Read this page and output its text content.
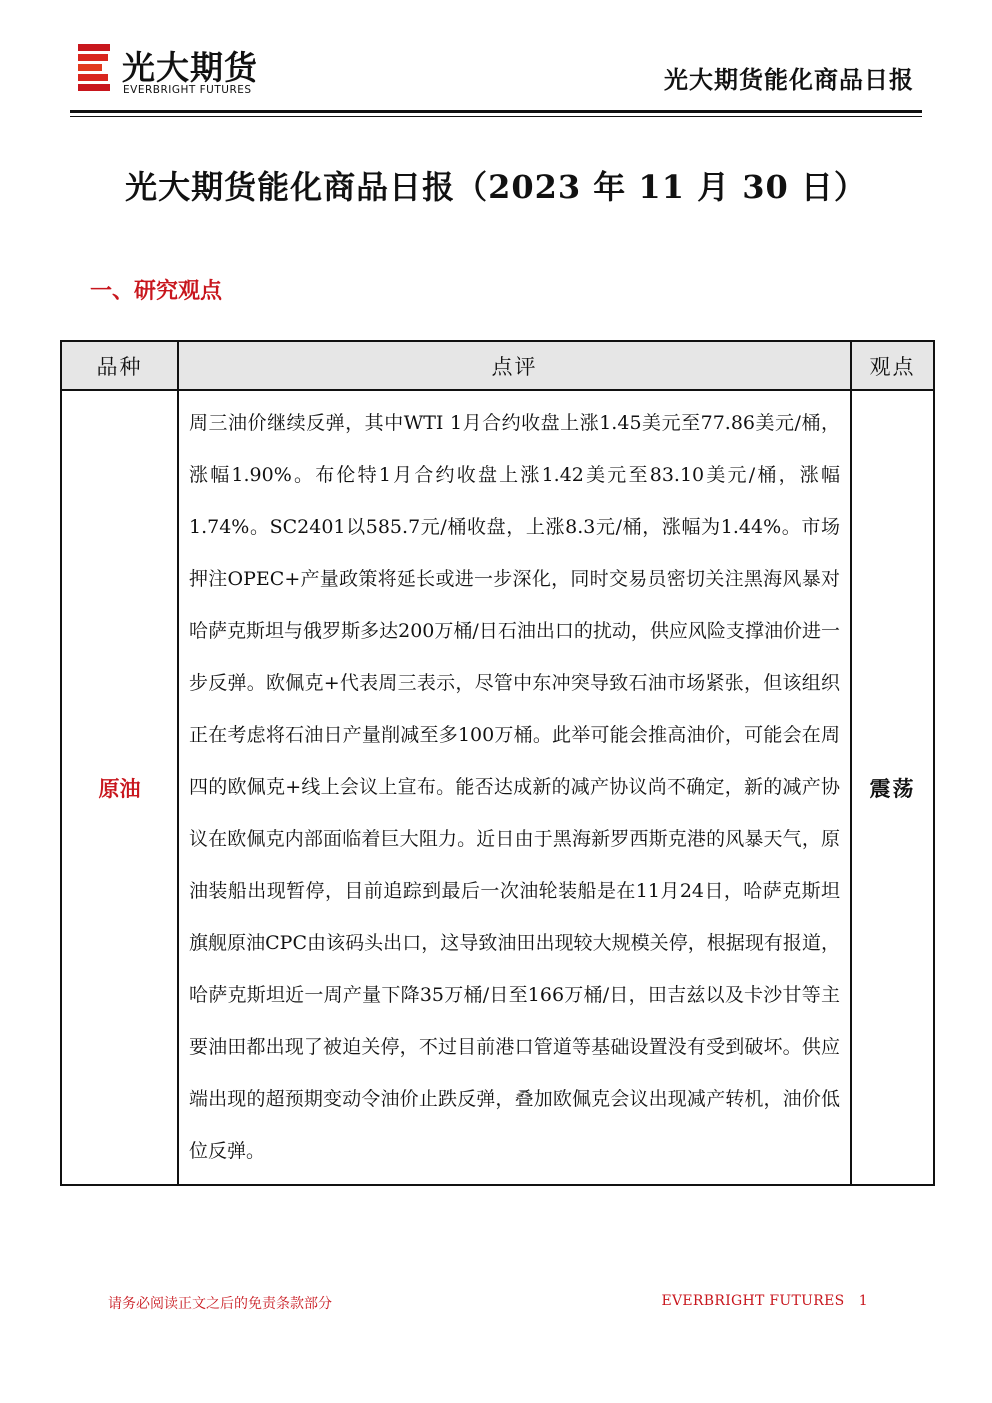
光大期货
EVERBRIGHT FUTURES	光大期货能化商品日报
光大期货能化商品日报（2023 年 11 月 30 日）
一、研究观点
品种	点评	观点
原油	周三油价继续反弹，其中WTI 1月合约收盘上涨1.45美元至77.86美元/桶，涨幅1.90%。布伦特1月合约收盘上涨1.42美元至83.10美元/桶，涨幅1.74%。SC2401以585.7元/桶收盘，上涨8.3元/桶，涨幅为1.44%。市场押注OPEC+产量政策将延长或进一步深化，同时交易员密切关注黑海风暴对哈萨克斯坦与俄罗斯多达200万桶/日石油出口的扰动，供应风险支撑油价进一步反弹。欧佩克+代表周三表示，尽管中东冲突导致石油市场紧张，但该组织正在考虑将石油日产量削减至多100万桶。此举可能会推高油价，可能会在周四的欧佩克+线上会议上宣布。能否达成新的减产协议尚不确定，新的减产协议在欧佩克内部面临着巨大阻力。近日由于黑海新罗西斯克港的风暴天气，原油装船出现暂停，目前追踪到最后一次油轮装船是在11月24日，哈萨克斯坦旗舰原油CPC由该码头出口，这导致油田出现较大规模关停，根据现有报道，哈萨克斯坦近一周产量下降35万桶/日至166万桶/日，田吉兹以及卡沙甘等主要油田都出现了被迫关停，不过目前港口管道等基础设置没有受到破坏。供应端出现的超预期变动令油价止跌反弹，叠加欧佩克会议出现减产转机，油价低位反弹。	震荡
请务必阅读正文之后的免责条款部分	EVERBRIGHT FUTURES 1
